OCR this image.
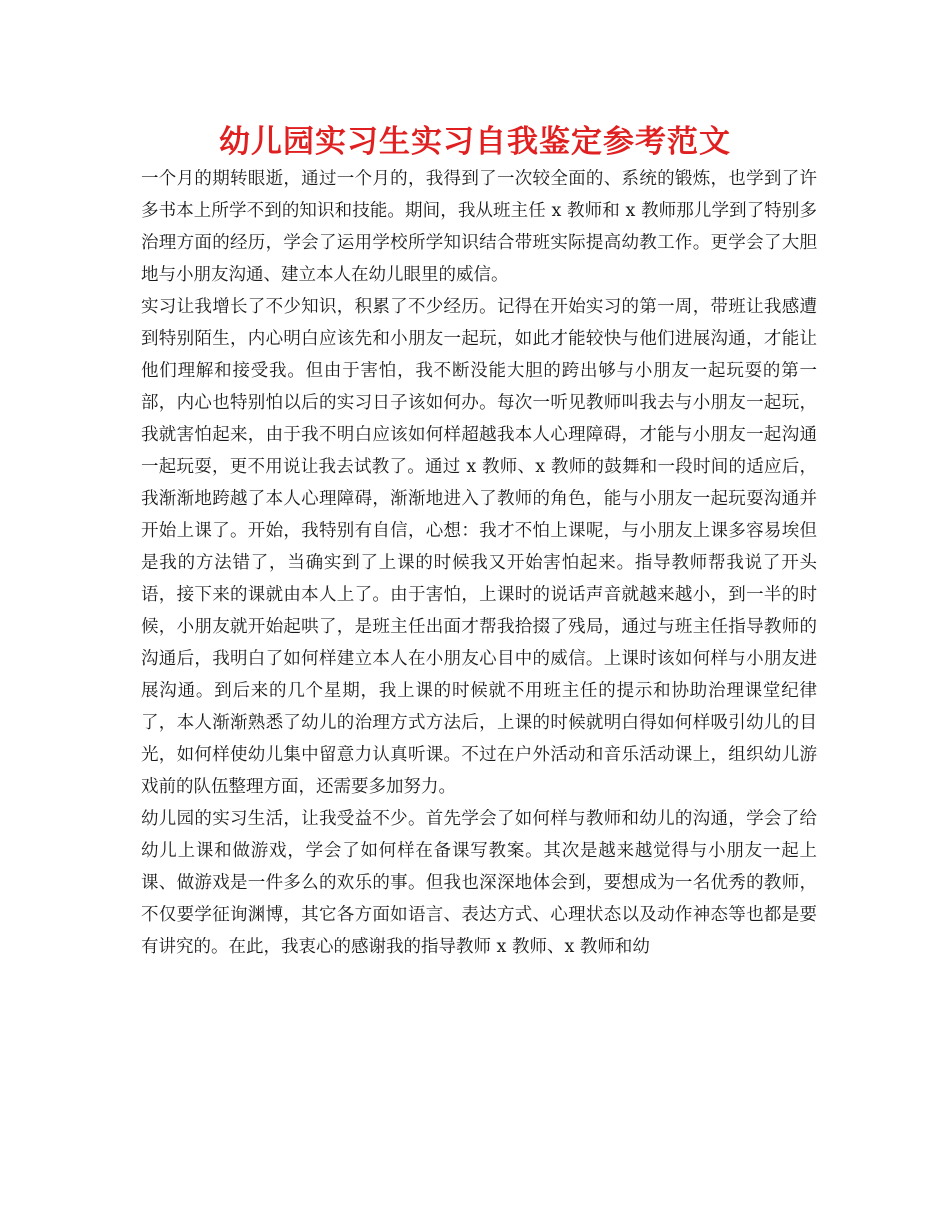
幼儿园实习生实习自我鉴定参考范文

一个月的期转眼逝，通过一个月的，我得到了一次较全面的、系统的锻炼，也学到了许多书本上所学不到的知识和技能。期间，我从班主任 x 教师和 x 教师那儿学到了特别多治理方面的经历，学会了运用学校所学知识结合带班实际提高幼教工作。更学会了大胆地与小朋友沟通、建立本人在幼儿眼里的威信。

实习让我增长了不少知识，积累了不少经历。记得在开始实习的第一周，带班让我感遭到特别陌生，内心明白应该先和小朋友一起玩，如此才能较快与他们进展沟通，才能让他们理解和接受我。但由于害怕，我不断没能大胆的跨出够与小朋友一起玩耍的第一部，内心也特别怕以后的实习日子该如何办。每次一听见教师叫我去与小朋友一起玩，我就害怕起来，由于我不明白应该如何样超越我本人心理障碍，才能与小朋友一起沟通一起玩耍，更不用说让我去试教了。通过 x 教师、x 教师的鼓舞和一段时间的适应后，我渐渐地跨越了本人心理障碍，渐渐地进入了教师的角色，能与小朋友一起玩耍沟通并开始上课了。开始，我特别有自信，心想：我才不怕上课呢，与小朋友上课多容易埃但是我的方法错了，当确实到了上课的时候我又开始害怕起来。指导教师帮我说了开头语，接下来的课就由本人上了。由于害怕，上课时的说话声音就越来越小，到一半的时候，小朋友就开始起哄了，是班主任出面才帮我拾掇了残局，通过与班主任指导教师的沟通后，我明白了如何样建立本人在小朋友心目中的威信。上课时该如何样与小朋友进展沟通。到后来的几个星期，我上课的时候就不用班主任的提示和协助治理课堂纪律了，本人渐渐熟悉了幼儿的治理方式方法后，上课的时候就明白得如何样吸引幼儿的目光，如何样使幼儿集中留意力认真听课。不过在户外活动和音乐活动课上，组织幼儿游戏前的队伍整理方面，还需要多加努力。

幼儿园的实习生活，让我受益不少。首先学会了如何样与教师和幼儿的沟通，学会了给幼儿上课和做游戏，学会了如何样在备课写教案。其次是越来越觉得与小朋友一起上课、做游戏是一件多么的欢乐的事。但我也深深地体会到，要想成为一名优秀的教师，不仅要学征询渊博，其它各方面如语言、表达方式、心理状态以及动作神态等也都是要有讲究的。在此，我衷心的感谢我的指导教师 x 教师、x 教师和幼
